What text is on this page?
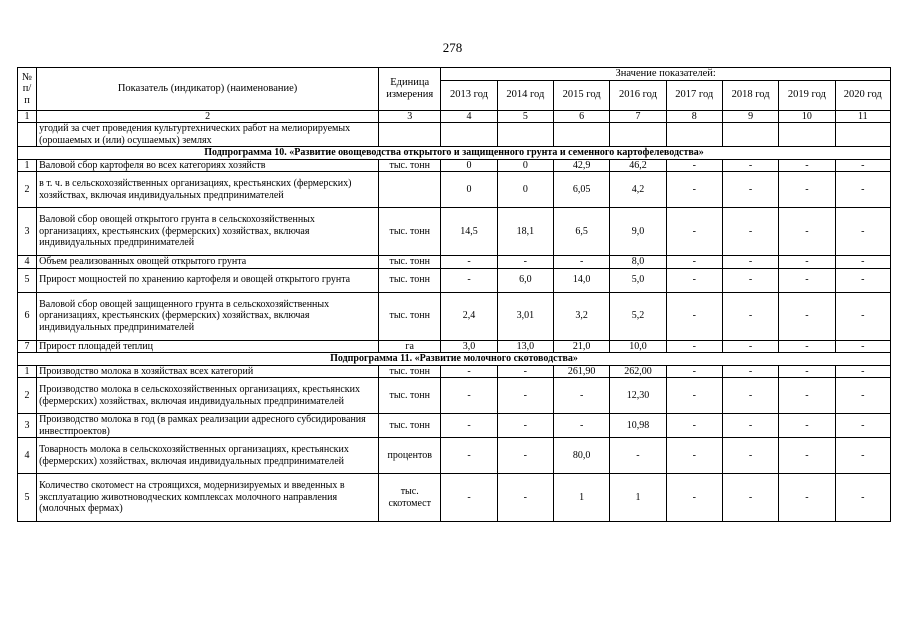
278
№ п/п	Показатель (индикатор) (наименование)	Единица измерения	Значение показателей:							
			2013 год	2014 год	2015 год	2016 год	2017 год	2018 год	2019 год	2020 год
1	2	3	4	5	6	7	8	9	10	11
	угодий за счет проведения культуртехнических работ на мелиорируемых (орошаемых и (или) осушаемых) землях									
Подпрограмма 10. «Развитие овощеводства открытого и защищенного грунта и семенного картофелеводства»										
1	Валовой сбор картофеля во всех категориях хозяйств	тыс. тонн	0	0	42,9	46,2	-	-	-	-
2	в т. ч. в сельскохозяйственных организациях, крестьянских (фермерских) хозяйствах, включая индивидуальных предпринимателей		0	0	6,05	4,2	-	-	-	-
3	Валовой сбор овощей открытого грунта в сельскохозяйственных организациях, крестьянских (фермерских) хозяйствах, включая индивидуальных предпринимателей	тыс. тонн	14,5	18,1	6,5	9,0	-	-	-	-
4	Объем реализованных овощей открытого грунта	тыс. тонн	-	-	-	8,0	-	-	-	-
5	Прирост мощностей по хранению картофеля и овощей открытого грунта	тыс. тонн	-	6,0	14,0	5,0	-	-	-	-
6	Валовой сбор овощей защищенного грунта в сельскохозяйственных организациях, крестьянских (фермерских) хозяйствах, включая индивидуальных предпринимателей	тыс. тонн	2,4	3,01	3,2	5,2	-	-	-	-
7	Прирост площадей теплиц	га	3,0	13,0	21,0	10,0	-	-	-	-
Подпрограмма 11. «Развитие молочного скотоводства»										
1	Производство молока в хозяйствах всех категорий	тыс. тонн	-	-	261,90	262,00	-	-	-	-
2	Производство молока в сельскохозяйственных организациях, крестьянских (фермерских) хозяйствах, включая индивидуальных предпринимателей	тыс. тонн	-	-	-	12,30	-	-	-	-
3	Производство молока в год (в рамках реализации адресного субсидирования инвестпроектов)	тыс. тонн	-	-	-	10,98	-	-	-	-
4	Товарность молока в сельскохозяйственных организациях, крестьянских (фермерских) хозяйствах, включая индивидуальных предпринимателей	процентов	-	-	80,0	-	-	-	-	-
5	Количество скотомест на строящихся, модернизируемых и введенных в эксплуатацию животноводческих комплексах молочного направления (молочных фермах)	тыс. скотомест	-	-	1	1	-	-	-	-
